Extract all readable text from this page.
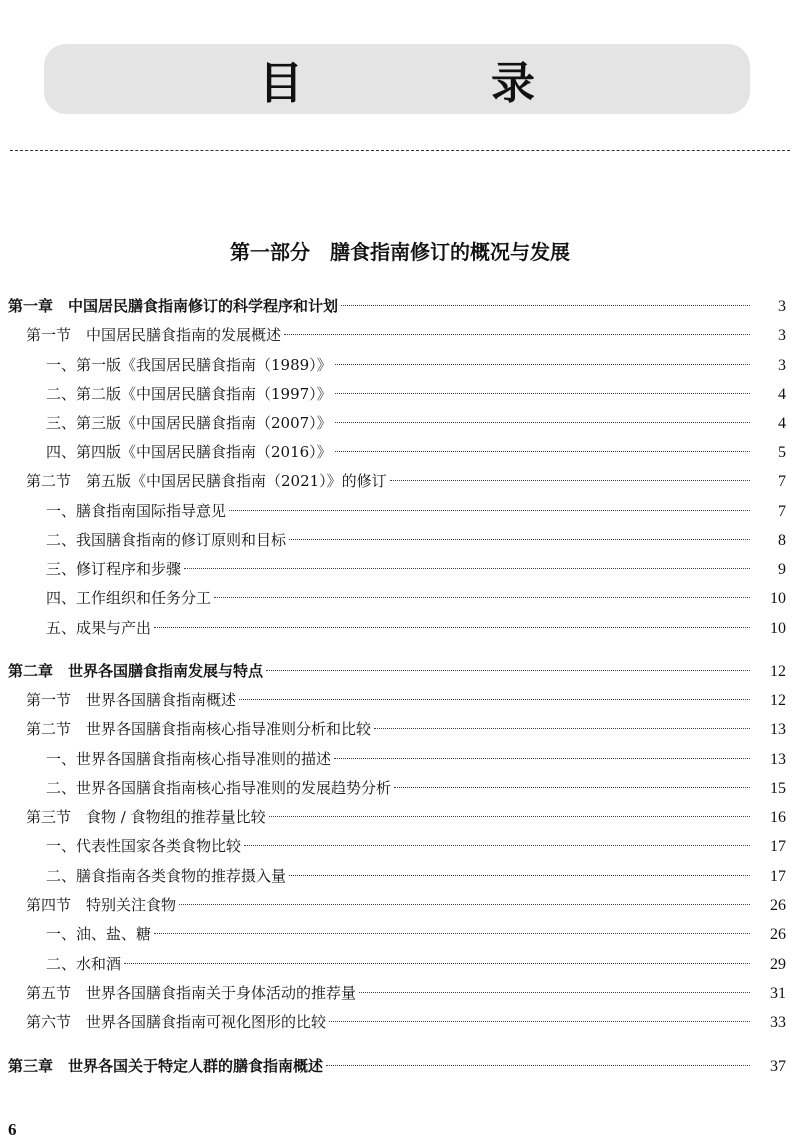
目　录
第一部分　膳食指南修订的概况与发展
第一章　中国居民膳食指南修订的科学程序和计划	3
第一节　中国居民膳食指南的发展概述	3
一、第一版《我国居民膳食指南（1989）》	3
二、第二版《中国居民膳食指南（1997）》	4
三、第三版《中国居民膳食指南（2007）》	4
四、第四版《中国居民膳食指南（2016）》	5
第二节　第五版《中国居民膳食指南（2021）》的修订	7
一、膳食指南国际指导意见	7
二、我国膳食指南的修订原则和目标	8
三、修订程序和步骤	9
四、工作组织和任务分工	10
五、成果与产出	10
第二章　世界各国膳食指南发展与特点	12
第一节　世界各国膳食指南概述	12
第二节　世界各国膳食指南核心指导准则分析和比较	13
一、世界各国膳食指南核心指导准则的描述	13
二、世界各国膳食指南核心指导准则的发展趋势分析	15
第三节　食物 / 食物组的推荐量比较	16
一、代表性国家各类食物比较	17
二、膳食指南各类食物的推荐摄入量	17
第四节　特别关注食物	26
一、油、盐、糖	26
二、水和酒	29
第五节　世界各国膳食指南关于身体活动的推荐量	31
第六节　世界各国膳食指南可视化图形的比较	33
第三章　世界各国关于特定人群的膳食指南概述	37
6
